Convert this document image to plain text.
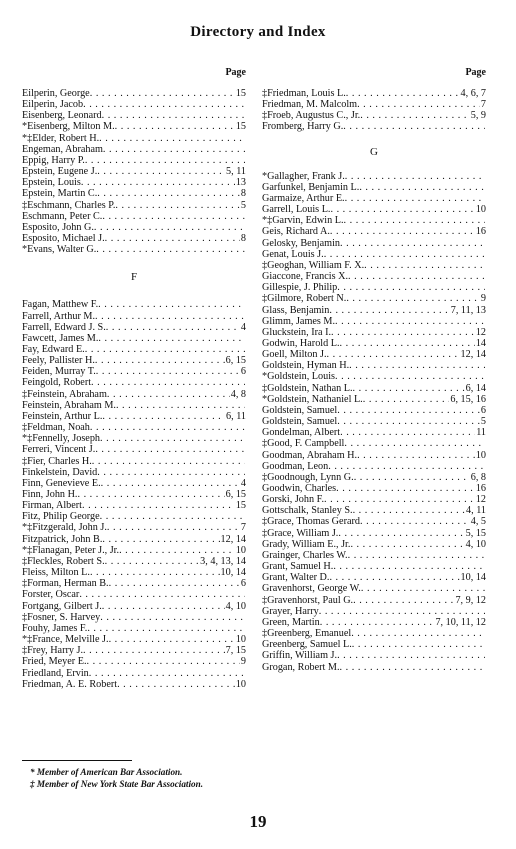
Directory and Index
Page
Eilperin, George . . .	15
Eilperin, Jacob
. . .
Eisenberg, Leonard
. . .
*Eisenberg, Milton M. . . .	15
*‡Elder, Robert H.
. . .
Engeman, Abraham
. . .
Eppig, Harry P.
. . .
Epstein, Eugene J. . . .	5, 11
Epstein, Louis . . .	13
Epstein, Martin C. . . .	8
‡Eschmann, Charles P. . . .	5
Eschmann, Peter C.
. . .
Esposito, John G.
. . .
Esposito, Michael J. . . .	8
*Evans, Walter G.
. . .
F
Fagan, Matthew F.
. . .
Farrell, Arthur M.
. . .
Farrell, Edward J. S. . . .	4
Fawcett, James M.
. . .
Fay, Edward E.
. . .
Feely, Pallister H. . . .	6, 15
Feiden, Murray T. . . .	6
Feingold, Robert
. . .
‡Feinstein, Abraham . . .	4, 8
Feinstein, Abraham M.
. . .
Feinstein, Arthur L. . . .	6, 11
‡Feldman, Noah
. . .
*‡Fennelly, Joseph
. . .
Ferreri, Vincent J.
. . .
‡Fier, Charles H.
. . .
Finkelstein, David
. . .
Finn, Genevieve E. . . .	4
Finn, John H. . . .	6, 15
Firman, Albert . . .	15
Fitz, Philip George
. . .
*‡Fitzgerald, John J. . . .	7
Fitzpatrick, John B. . . .	12, 14
*‡Flanagan, Peter J., Jr. . . .	10
‡Fleckles, Robert S. . . .	3, 4, 13, 14
Fleiss, Milton L. . . .	10, 14
‡Forman, Herman B. . . .	6
Forster, Oscar
. . .
Fortgang, Gilbert J. . . .	4, 10
‡Fosner, S. Harvey
. . .
Fouhy, James F.
. . .
*‡France, Melville J. . . .	10
‡Frey, Harry J. . . .	7, 15
Fried, Meyer E. . . .	9
Friedland, Ervin
. . .
Friedman, A. E. Robert . . .	10
Page
‡Friedman, Louis L. . . .	4, 6, 7
Friedman, M. Malcolm . . .	7
‡Froeb, Augustus C., Jr. . . .	5, 9
Fromberg, Harry G.
. . .
G
*Gallagher, Frank J.
. . .
Garfunkel, Benjamin L.
. . .
Garmaize, Arthur E.
. . .
Garrell, Louis L. . . .	10
*‡Garvin, Edwin L.
. . .
Geis, Richard A. . . .	16
Gelosky, Benjamin
. . .
Genat, Louis J.
. . .
‡Geoghan, William F. X.
. . .
Giaccone, Francis X.
. . .
Gillespie, J. Philip
. . .
‡Gilmore, Robert N. . . .	9
Glass, Benjamin . . .	7, 11, 13
Glimm, James M.
. . .
Gluckstein, Ira I. . . .	12
Godwin, Harold L. . . .	14
Goell, Milton J. . . .	12, 14
Goldstein, Hyman H.
. . .
*Goldstein, Louis
. . .
‡Goldstein, Nathan L. . . .	6, 14
*Goldstein, Nathaniel L. . . .	6, 15, 16
Goldstein, Samuel . . .	6
Goldstein, Samuel . . .	5
Gondelman, Albert . . .	11
‡Good, F. Campbell
. . .
Goodman, Abraham H. . . .	10
Goodman, Leon
. . .
‡Goodnough, Lynn G. . . .	6, 8
Goodwin, Charles . . .	16
Gorski, John F. . . .	12
Gottschalk, Stanley S. . . .	4, 11
‡Grace, Thomas Gerard . . .	4, 5
‡Grace, William J. . . .	5, 15
Grady, William E., Jr. . . .	4, 10
Grainger, Charles W.
. . .
Grant, Samuel H.
. . .
Grant, Walter D. . . .	10, 14
Gravenhorst, George W.
. . .
‡Gravenhorst, Paul G. . . .	7, 9, 12
Grayer, Harry
. . .
Green, Martin . . .	7, 10, 11, 12
‡Greenberg, Emanuel
. . .
Greenberg, Samuel L.
. . .
Griffin, William J.
. . .
Grogan, Robert M.
. . .
* Member of American Bar Association.
‡ Member of New York State Bar Association.
19
